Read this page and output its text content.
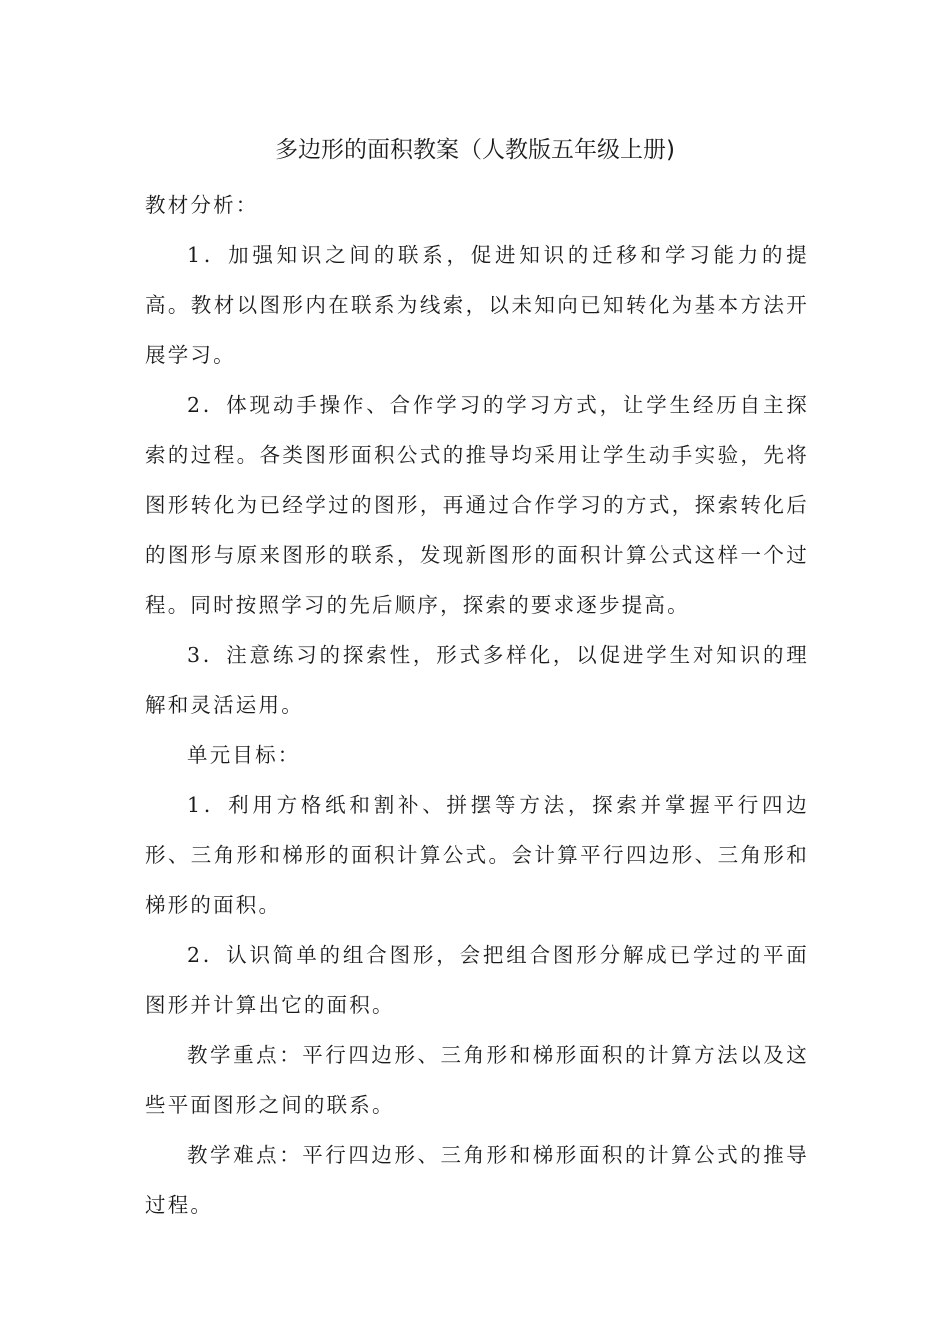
多边形的面积教案（人教版五年级上册)

教材分析：

1．加强知识之间的联系，促进知识的迁移和学习能力的提高。教材以图形内在联系为线索，以未知向已知转化为基本方法开展学习。

2．体现动手操作、合作学习的学习方式，让学生经历自主探索的过程。各类图形面积公式的推导均采用让学生动手实验，先将图形转化为已经学过的图形，再通过合作学习的方式，探索转化后的图形与原来图形的联系，发现新图形的面积计算公式这样一个过程。同时按照学习的先后顺序，探索的要求逐步提高。

3．注意练习的探索性，形式多样化，以促进学生对知识的理解和灵活运用。

单元目标：

1．利用方格纸和割补、拼摆等方法，探索并掌握平行四边形、三角形和梯形的面积计算公式。会计算平行四边形、三角形和梯形的面积。

2．认识简单的组合图形，会把组合图形分解成已学过的平面图形并计算出它的面积。

教学重点：平行四边形、三角形和梯形面积的计算方法以及这些平面图形之间的联系。

教学难点：平行四边形、三角形和梯形面积的计算公式的推导过程。
